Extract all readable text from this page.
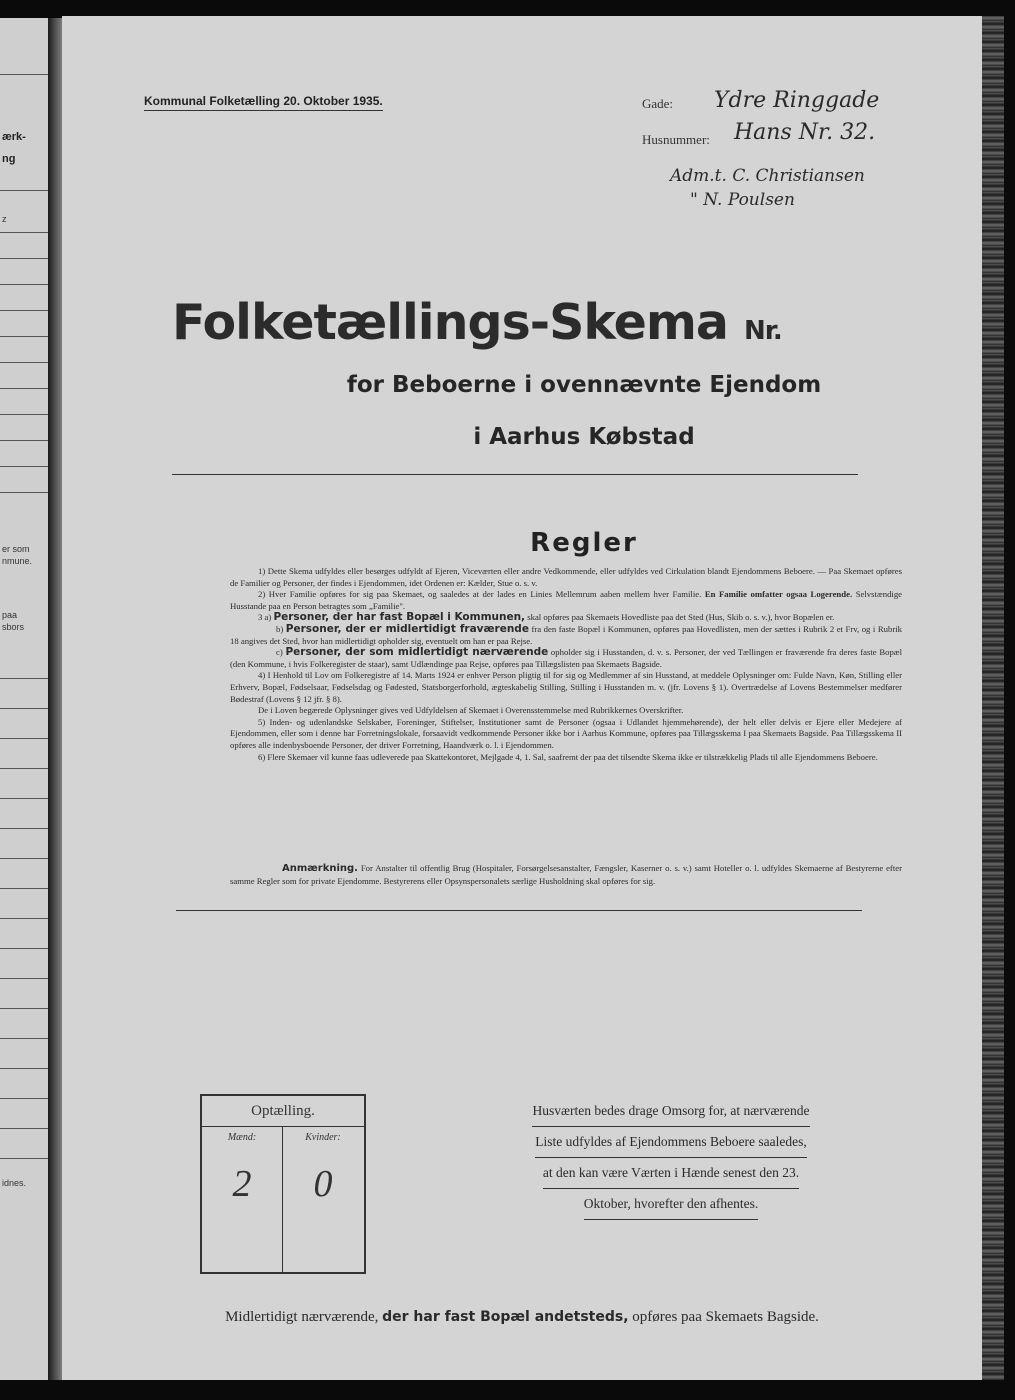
ærk-
ng
z
er som
nmune.
paa
sbors
idnes.
Kommunal Folketælling 20. Oktober 1935.	Gade: Ydre Ringgade
Husnummer: Hans Nr. 32.
Adm.t. C. Christiansen
" N. Poulsen
Folketællings-Skema Nr.
for Beboerne i ovennævnte Ejendom
i Aarhus Købstad
Regler

1) Dette Skema udfyldes eller besørges udfyldt af Ejeren, Viceværten eller andre Vedkommende, eller udfyldes ved Cirkulation blandt Ejendommens Beboere. — Paa Skemaet opføres de Familier og Personer, der findes i Ejendommen, idet Ordenen er: Kælder, Stue o. s. v.

2) Hver Familie opføres for sig paa Skemaet, og saaledes at der lades en Linies Mellemrum aaben mellem hver Familie. En Familie omfatter ogsaa Logerende. Selvstændige Husstande paa en Person betragtes som „Familie".

3 a) Personer, der har fast Bopæl i Kommunen, skal opføres paa Skemaets Hovedliste paa det Sted (Hus, Skib o. s. v.), hvor Bopælen er.

b) Personer, der er midlertidigt fraværende fra den faste Bopæl i Kommunen, opføres paa Hovedlisten, men der sættes i Rubrik 2 et Frv, og i Rubrik 18 angives det Sted, hvor han midlertidigt opholder sig, eventuelt om han er paa Rejse.

c) Personer, der som midlertidigt nærværende opholder sig i Husstanden, d. v. s. Personer, der ved Tællingen er fraværende fra deres faste Bopæl (den Kommune, i hvis Folkeregister de staar), samt Udlændinge paa Rejse, opføres paa Tillægslisten paa Skemaets Bagside.

4) I Henhold til Lov om Folkeregistre af 14. Marts 1924 er enhver Person pligtig til for sig og Medlemmer af sin Husstand, at meddele Oplysninger om: Fulde Navn, Køn, Stilling eller Erhverv, Bopæl, Fødselsaar, Fødselsdag og Fødested, Statsborgerforhold, ægteskabelig Stilling, Stilling i Husstanden m. v. (jfr. Lovens § 1). Overtrædelse af Lovens Bestemmelser medfører Bødestraf (Lovens § 12 jfr. § 8).

De i Loven begærede Oplysninger gives ved Udfyldelsen af Skemaet i Overensstemmelse med Rubrikkernes Overskrifter.

5) Inden- og udenlandske Selskaber, Foreninger, Stiftelser, Institutioner samt de Personer (ogsaa i Udlandet hjemmehørende), der helt eller delvis er Ejere eller Medejere af Ejendommen, eller som i denne har Forretningslokale, forsaavidt vedkommende Personer ikke bor i Aarhus Kommune, opføres paa Tillægsskema I paa Skemaets Bagside. Paa Tillægsskema II opføres alle indenbysboende Personer, der driver Forretning, Haandværk o. l. i Ejendommen.

6) Flere Skemaer vil kunne faas udleverede paa Skattekontoret, Mejlgade 4, 1. Sal, saafremt der paa det tilsendte Skema ikke er tilstrækkelig Plads til alle Ejendommens Beboere.

Anmærkning. For Anstalter til offentlig Brug (Hospitaler, Forsørgelsesanstalter, Fængsler, Kaserner o. s. v.) samt Hoteller o. l. udfyldes Skemaerne af Bestyrerne efter samme Regler som for private Ejendomme. Bestyrerens eller Opsynspersonalets særlige Husholdning skal opføres for sig.
Optælling.
Mænd:	Kvinder:
2	0
Husværten bedes drage Omsorg for, at nærværende
Liste udfyldes af Ejendommens Beboere saaledes,
at den kan være Værten i Hænde senest den 23.
Oktober, hvorefter den afhentes.
Midlertidigt nærværende, der har fast Bopæl andetsteds, opføres paa Skemaets Bagside.
